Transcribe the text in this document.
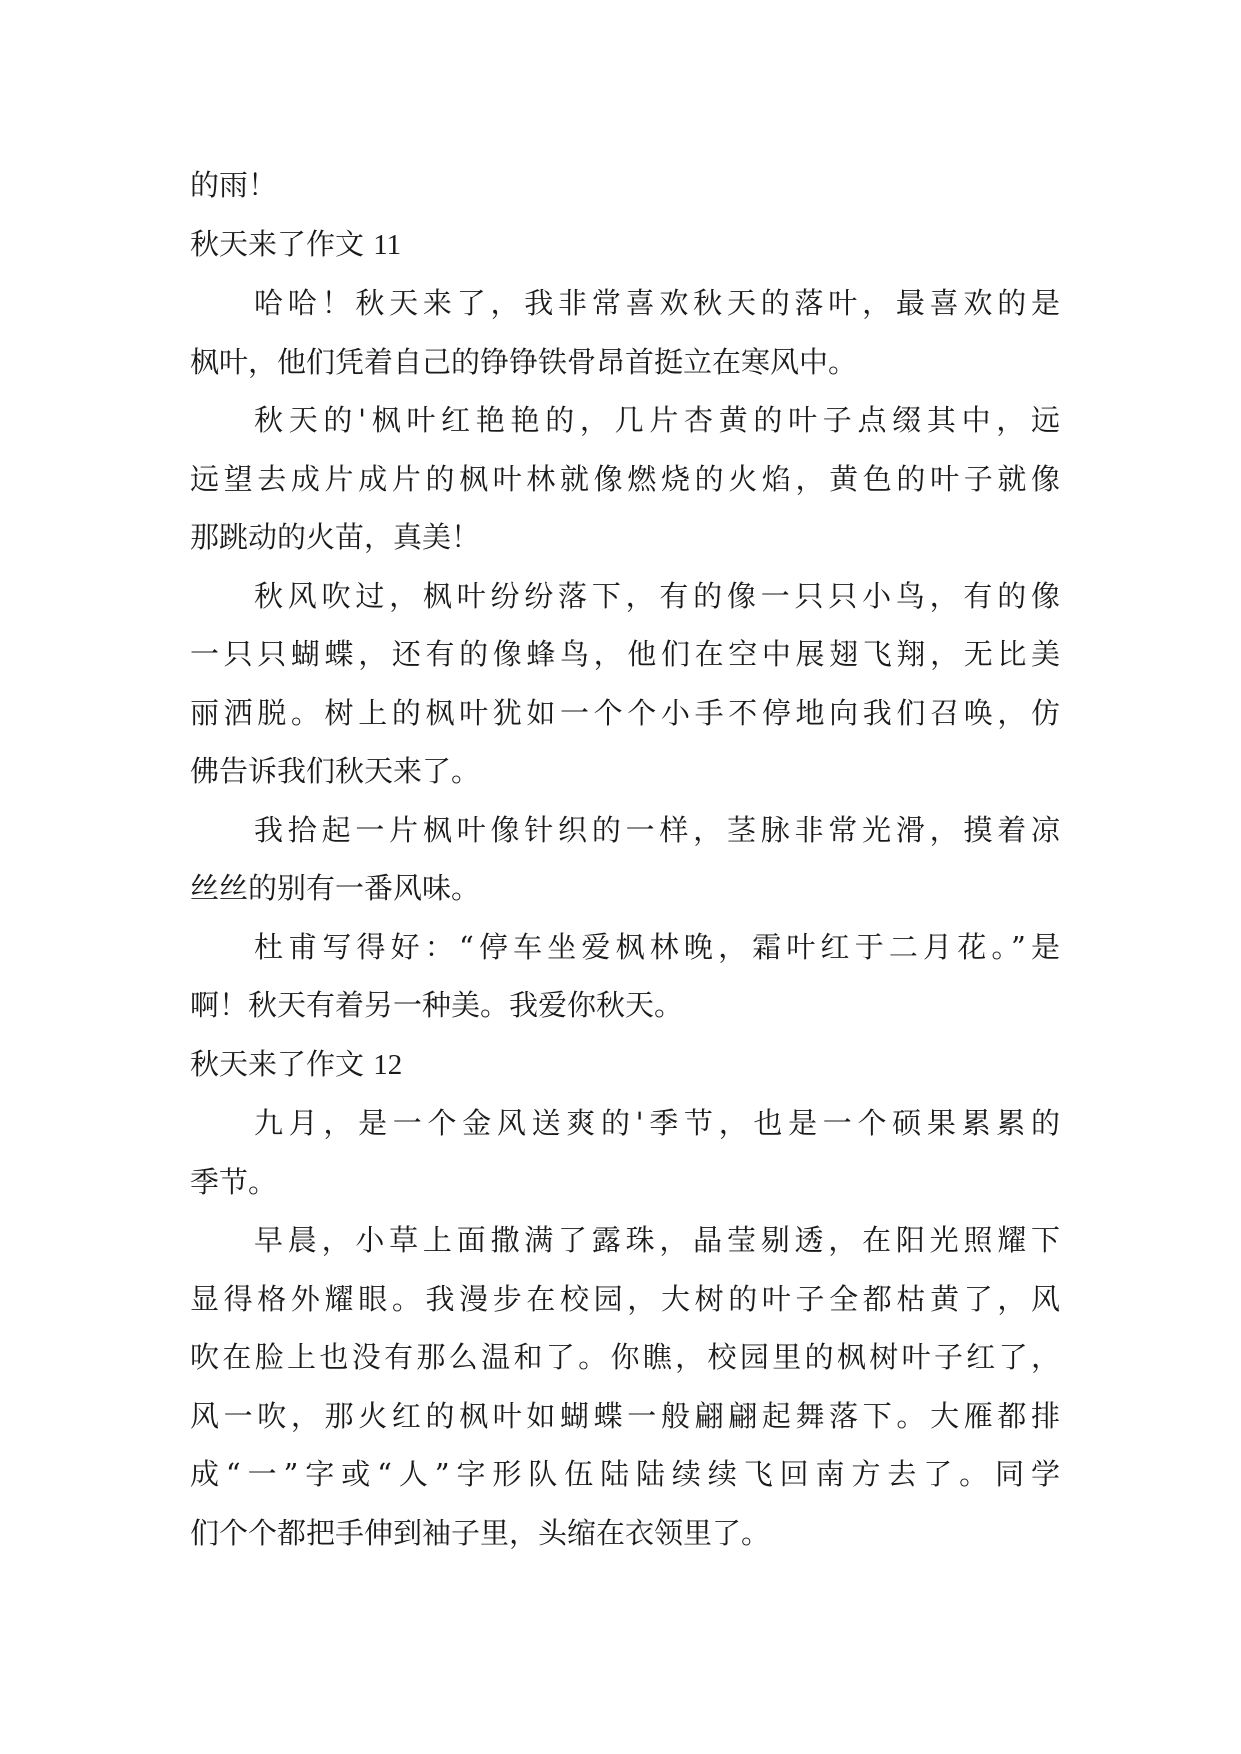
的雨！
秋天来了作文 11
哈哈！秋天来了，我非常喜欢秋天的落叶，最喜欢的是
枫叶，他们凭着自己的铮铮铁骨昂首挺立在寒风中。
秋天的'枫叶红艳艳的，几片杏黄的叶子点缀其中，远
远望去成片成片的枫叶林就像燃烧的火焰，黄色的叶子就像
那跳动的火苗，真美！
秋风吹过，枫叶纷纷落下，有的像一只只小鸟，有的像
一只只蝴蝶，还有的像蜂鸟，他们在空中展翅飞翔，无比美
丽洒脱。树上的枫叶犹如一个个小手不停地向我们召唤，仿
佛告诉我们秋天来了。
我拾起一片枫叶像针织的一样，茎脉非常光滑，摸着凉
丝丝的别有一番风味。
杜甫写得好：“停车坐爱枫林晚，霜叶红于二月花。”是
啊！秋天有着另一种美。我爱你秋天。
秋天来了作文 12
九月，是一个金风送爽的'季节，也是一个硕果累累的
季节。
早晨，小草上面撒满了露珠，晶莹剔透，在阳光照耀下
显得格外耀眼。我漫步在校园，大树的叶子全都枯黄了，风
吹在脸上也没有那么温和了。你瞧，校园里的枫树叶子红了，
风一吹，那火红的枫叶如蝴蝶一般翩翩起舞落下。大雁都排
成“一”字或“人”字形队伍陆陆续续飞回南方去了。同学
们个个都把手伸到袖子里，头缩在衣领里了。
